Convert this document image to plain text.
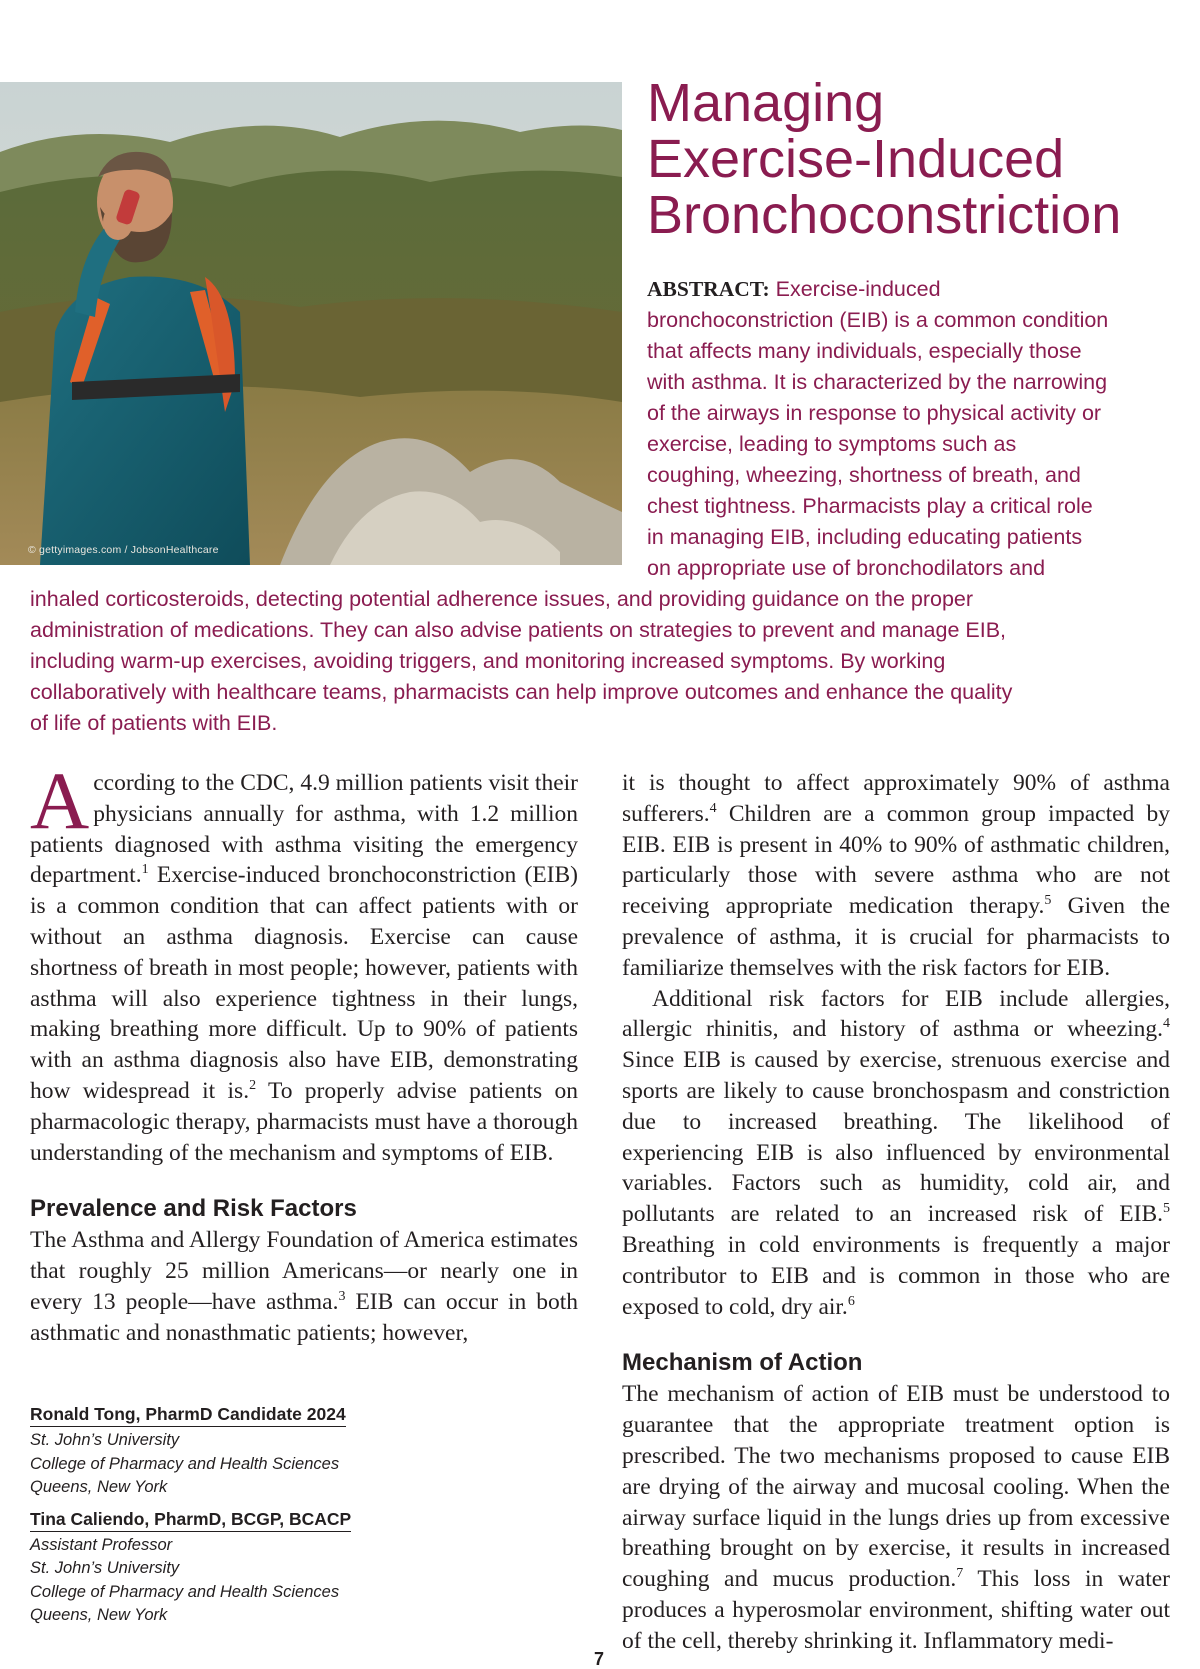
© gettyimages.com / JobsonHealthcare
Managing
Exercise-Induced
Bronchoconstriction
ABSTRACT: Exercise-induced
bronchoconstriction (EIB) is a common condition
that affects many individuals, especially those
with asthma. It is characterized by the narrowing
of the airways in response to physical activity or
exercise, leading to symptoms such as
coughing, wheezing, shortness of breath, and
chest tightness. Pharmacists play a critical role
in managing EIB, including educating patients
on appropriate use of bronchodilators and
inhaled corticosteroids, detecting potential adherence issues, and providing guidance on the proper
administration of medications. They can also advise patients on strategies to prevent and manage EIB,
including warm-up exercises, avoiding triggers, and monitoring increased symptoms. By working
collaboratively with healthcare teams, pharmacists can help improve outcomes and enhance the quality
of life of patients with EIB.

According to the CDC, 4.9 million patients visit their physicians annually for asthma, with 1.2 million patients diagnosed with asthma visiting the emergency department.$^1$ Exercise-induced bronchoconstriction (EIB) is a common condition that can affect patients with or without an asthma diagnosis. Exercise can cause shortness of breath in most people; however, patients with asthma will also experience tightness in their lungs, making breathing more difficult. Up to 90% of patients with an asthma diagnosis also have EIB, demonstrating how widespread it is.$^2$ To properly advise patients on pharmacologic therapy, pharmacists must have a thorough understanding of the mechanism and symptoms of EIB.

Prevalence and Risk Factors

The Asthma and Allergy Foundation of America estimates that roughly 25 million Americans—or nearly one in every 13 people—have asthma.$^3$ EIB can occur in both asthmatic and nonasthmatic patients; however,

Ronald Tong, PharmD Candidate 2024
St. John’s University
College of Pharmacy and Health Sciences
Queens, New York
Tina Caliendo, PharmD, BCGP, BCACP
Assistant Professor
St. John’s University
College of Pharmacy and Health Sciences
Queens, New York

it is thought to affect approximately 90% of asthma sufferers.$^4$ Children are a common group impacted by EIB. EIB is present in 40% to 90% of asthmatic children, particularly those with severe asthma who are not receiving appropriate medication therapy.$^5$ Given the prevalence of asthma, it is crucial for pharmacists to familiarize themselves with the risk factors for EIB.

Additional risk factors for EIB include allergies, allergic rhinitis, and history of asthma or wheezing.$^4$ Since EIB is caused by exercise, strenuous exercise and sports are likely to cause bronchospasm and constriction due to increased breathing. The likelihood of experiencing EIB is also influenced by environmental variables. Factors such as humidity, cold air, and pollutants are related to an increased risk of EIB.$^5$ Breathing in cold environments is frequently a major contributor to EIB and is common in those who are exposed to cold, dry air.$^6$

Mechanism of Action

The mechanism of action of EIB must be understood to guarantee that the appropriate treatment option is prescribed. The two mechanisms proposed to cause EIB are drying of the airway and mucosal cooling. When the airway surface liquid in the lungs dries up from excessive breathing brought on by exercise, it results in increased coughing and mucus production.$^7$ This loss in water produces a hyperosmolar environment, shifting water out of the cell, thereby shrinking it. Inflammatory medi-

7
